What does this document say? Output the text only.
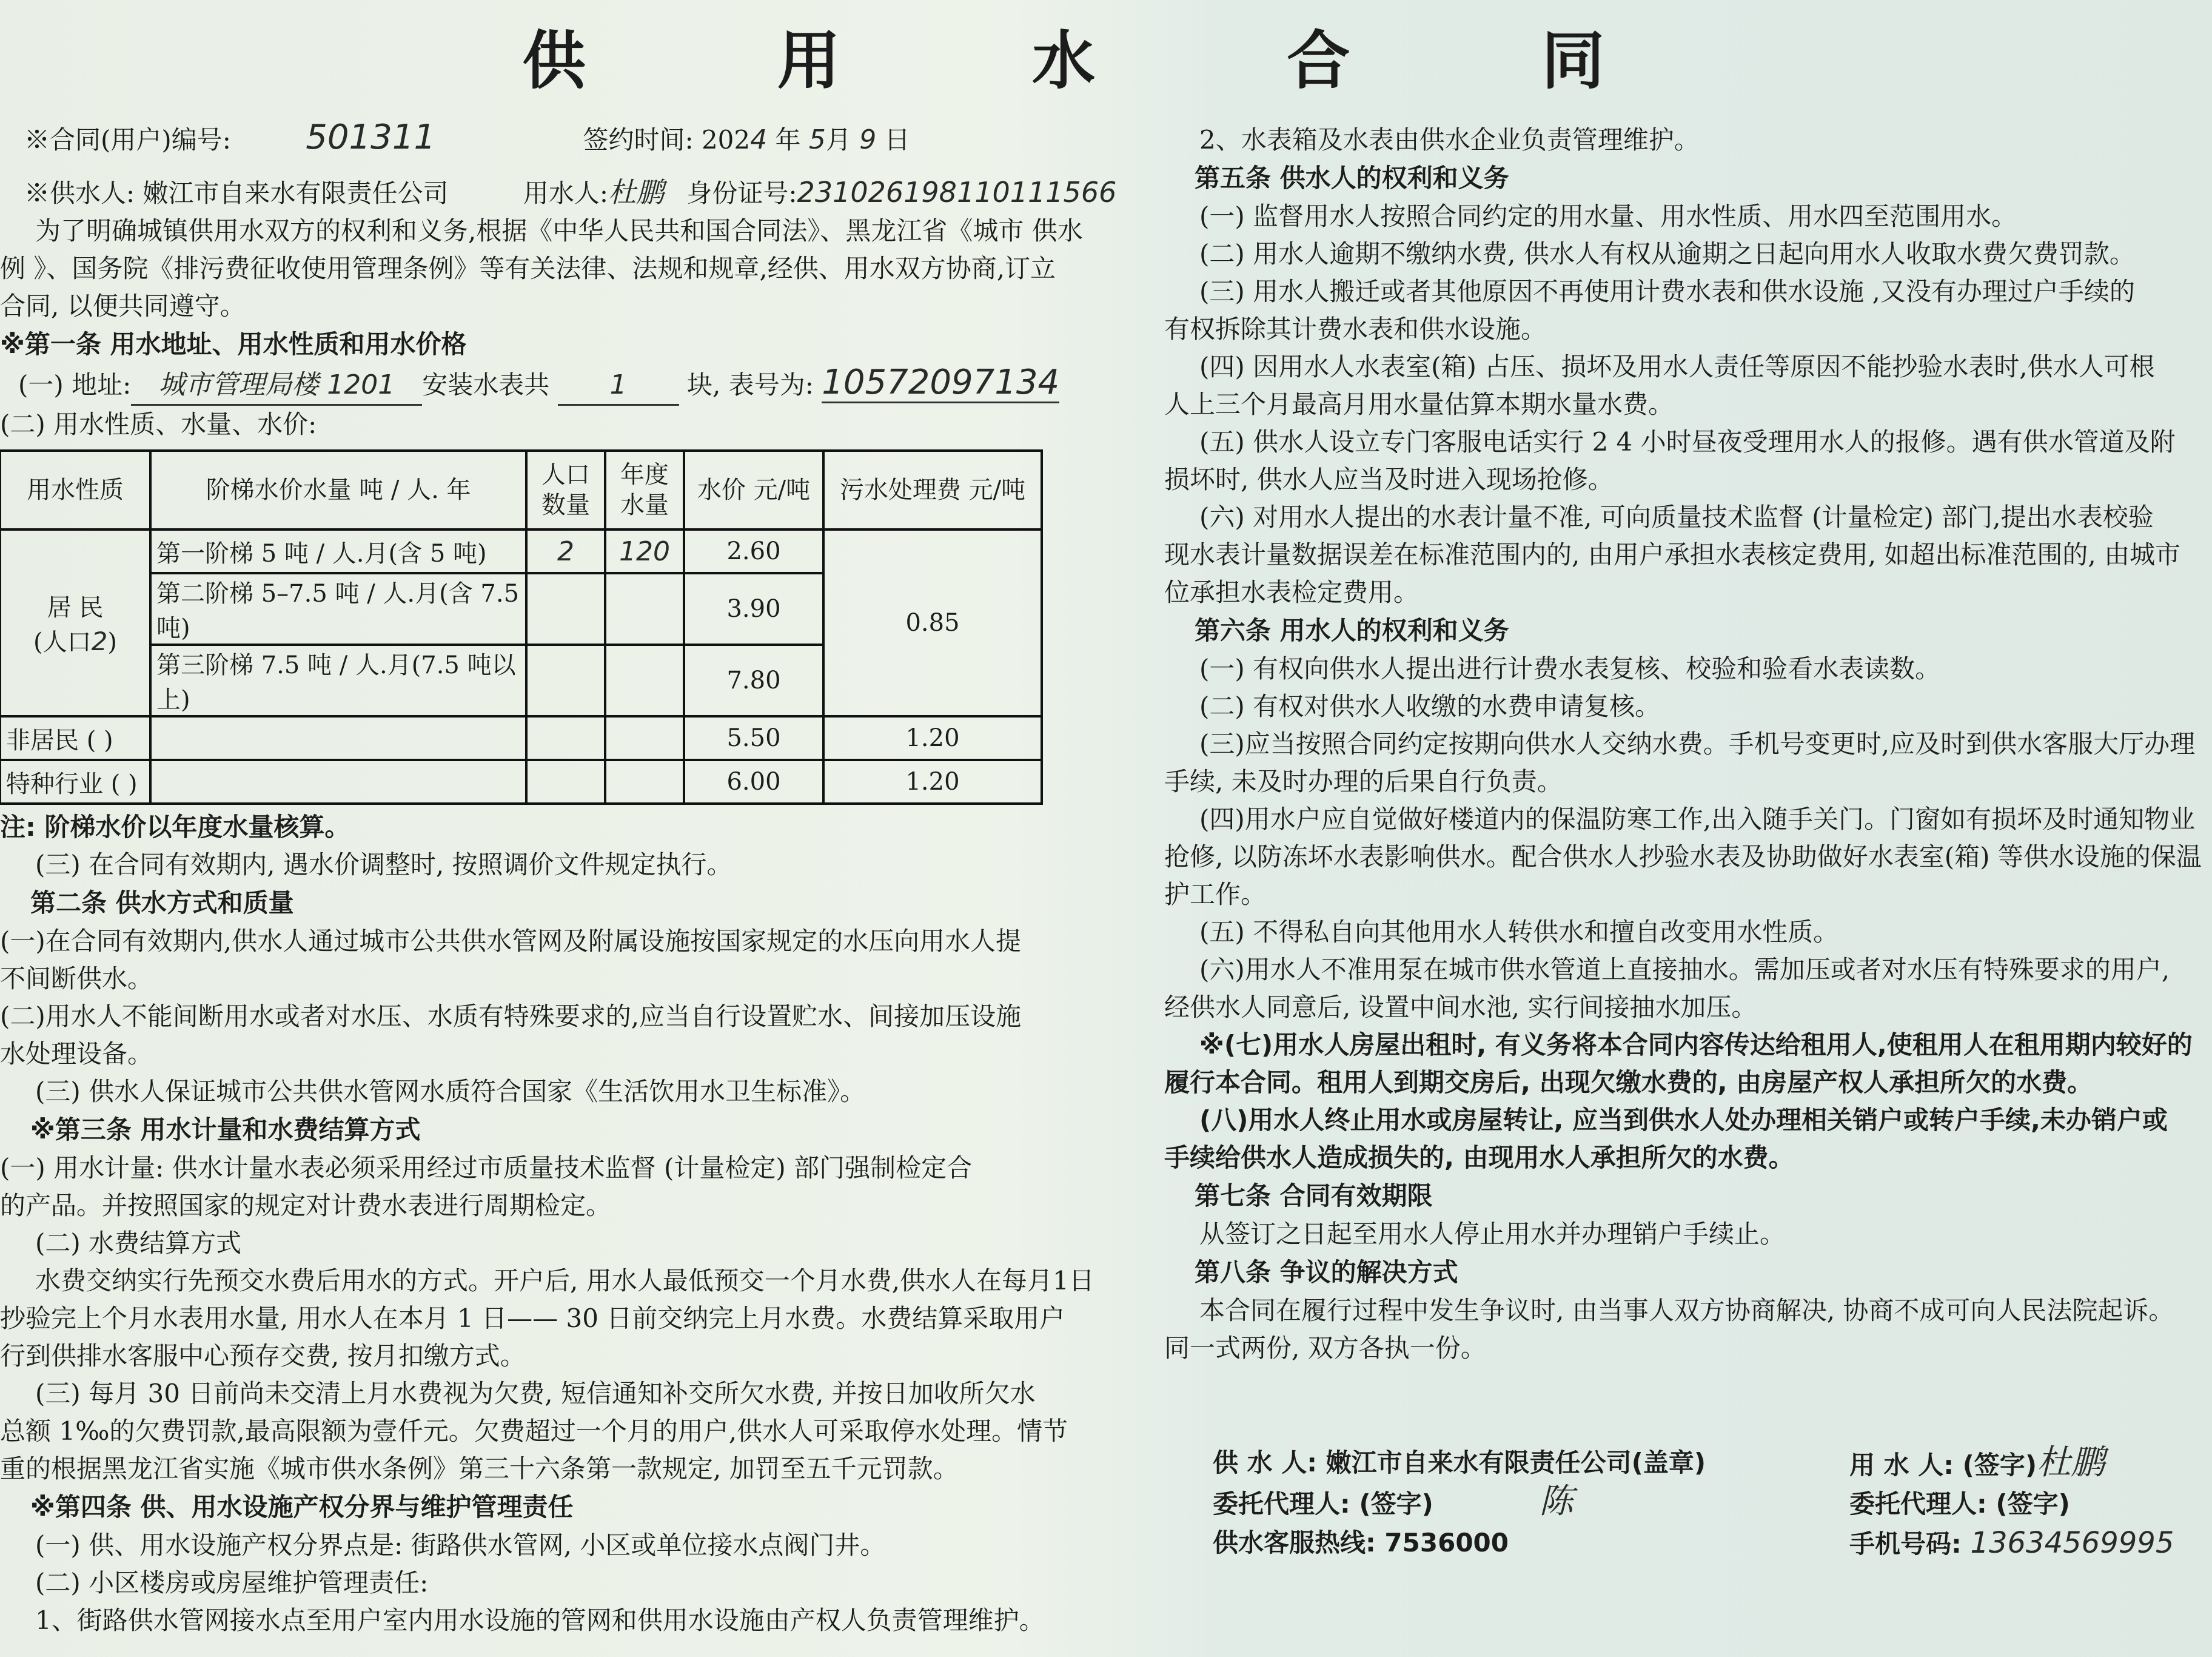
供 用 水 合 同

※合同(用户)编号: 501311	签约时间: 2024 年 5月 9 日

※供水人: 嫩江市自来水有限责任公司	用水人:杜鹏 身份证号:231026198110111566

为了明确城镇供用水双方的权利和义务,根据《中华人民共和国合同法》、黑龙江省《城市 供水

例 》、国务院《排污费征收使用管理条例》等有关法律、法规和规章,经供、用水双方协商,订立

合同, 以便共同遵守。

※第一条 用水地址、用水性质和用水价格

(一) 地址: 城市管理局楼 1201 安装水表共 1 块, 表号为: 10572097134

(二) 用水性质、水量、水价:

用水性质	阶梯水价水量 吨 / 人. 年	人口数量	年度水量	水价 元/吨	污水处理费 元/吨

居 民
(人口2)	第一阶梯 5 吨 / 人.月(含 5 吨)	2	120	2.60	0.85
	第二阶梯 5–7.5 吨 / 人.月(含 7.5 吨)			3.90	
	第三阶梯 7.5 吨 / 人.月(7.5 吨以上)			7.80	
非居民 ( )				5.50	1.20
特种行业 ( )				6.00	1.20

注: 阶梯水价以年度水量核算。

(三) 在合同有效期内, 遇水价调整时, 按照调价文件规定执行。

第二条 供水方式和质量

(一)在合同有效期内,供水人通过城市公共供水管网及附属设施按国家规定的水压向用水人提

不间断供水。

(二)用水人不能间断用水或者对水压、水质有特殊要求的,应当自行设置贮水、间接加压设施

水处理设备。

(三) 供水人保证城市公共供水管网水质符合国家《生活饮用水卫生标准》。

※第三条 用水计量和水费结算方式

(一) 用水计量: 供水计量水表必须采用经过市质量技术监督 (计量检定) 部门强制检定合

的产品。并按照国家的规定对计费水表进行周期检定。

(二) 水费结算方式

水费交纳实行先预交水费后用水的方式。开户后, 用水人最低预交一个月水费,供水人在每月1日

抄验完上个月水表用水量, 用水人在本月 1 日—— 30 日前交纳完上月水费。水费结算采取用户

行到供排水客服中心预存交费, 按月扣缴方式。

(三) 每月 30 日前尚未交清上月水费视为欠费, 短信通知补交所欠水费, 并按日加收所欠水

总额 1‰的欠费罚款,最高限额为壹仟元。欠费超过一个月的用户,供水人可采取停水处理。情节

重的根据黑龙江省实施《城市供水条例》第三十六条第一款规定, 加罚至五千元罚款。

※第四条 供、用水设施产权分界与维护管理责任

(一) 供、用水设施产权分界点是: 街路供水管网, 小区或单位接水点阀门井。

(二) 小区楼房或房屋维护管理责任:

1、街路供水管网接水点至用户室内用水设施的管网和供用水设施由产权人负责管理维护。

2、水表箱及水表由供水企业负责管理维护。

第五条 供水人的权利和义务

(一) 监督用水人按照合同约定的用水量、用水性质、用水四至范围用水。

(二) 用水人逾期不缴纳水费, 供水人有权从逾期之日起向用水人收取水费欠费罚款。

(三) 用水人搬迁或者其他原因不再使用计费水表和供水设施 ,又没有办理过户手续的

有权拆除其计费水表和供水设施。

(四) 因用水人水表室(箱) 占压、损坏及用水人责任等原因不能抄验水表时,供水人可根

人上三个月最高月用水量估算本期水量水费。

(五) 供水人设立专门客服电话实行 2 4 小时昼夜受理用水人的报修。遇有供水管道及附

损坏时, 供水人应当及时进入现场抢修。

(六) 对用水人提出的水表计量不准, 可向质量技术监督 (计量检定) 部门,提出水表校验

现水表计量数据误差在标准范围内的, 由用户承担水表核定费用, 如超出标准范围的, 由城市

位承担水表检定费用。

第六条 用水人的权利和义务

(一) 有权向供水人提出进行计费水表复核、校验和验看水表读数。

(二) 有权对供水人收缴的水费申请复核。

(三)应当按照合同约定按期向供水人交纳水费。手机号变更时,应及时到供水客服大厅办理

手续, 未及时办理的后果自行负责。

(四)用水户应自觉做好楼道内的保温防寒工作,出入随手关门。门窗如有损坏及时通知物业

抢修, 以防冻坏水表影响供水。配合供水人抄验水表及协助做好水表室(箱) 等供水设施的保温

护工作。

(五) 不得私自向其他用水人转供水和擅自改变用水性质。

(六)用水人不准用泵在城市供水管道上直接抽水。需加压或者对水压有特殊要求的用户,

经供水人同意后, 设置中间水池, 实行间接抽水加压。

※(七)用水人房屋出租时, 有义务将本合同内容传达给租用人,使租用人在租用期内较好的

履行本合同。租用人到期交房后, 出现欠缴水费的, 由房屋产权人承担所欠的水费。

(八)用水人终止用水或房屋转让, 应当到供水人处办理相关销户或转户手续,未办销户或

手续给供水人造成损失的, 由现用水人承担所欠的水费。

第七条 合同有效期限

从签订之日起至用水人停止用水并办理销户手续止。

第八条 争议的解决方式

本合同在履行过程中发生争议时, 由当事人双方协商解决, 协商不成可向人民法院起诉。

同一式两份, 双方各执一份。

供 水 人: 嫩江市自来水有限责任公司(盖章)
委托代理人: (签字)	陈
供水客服热线: 7536000
用 水 人: (签字)杜鹏
委托代理人: (签字)
手机号码: 13634569995
